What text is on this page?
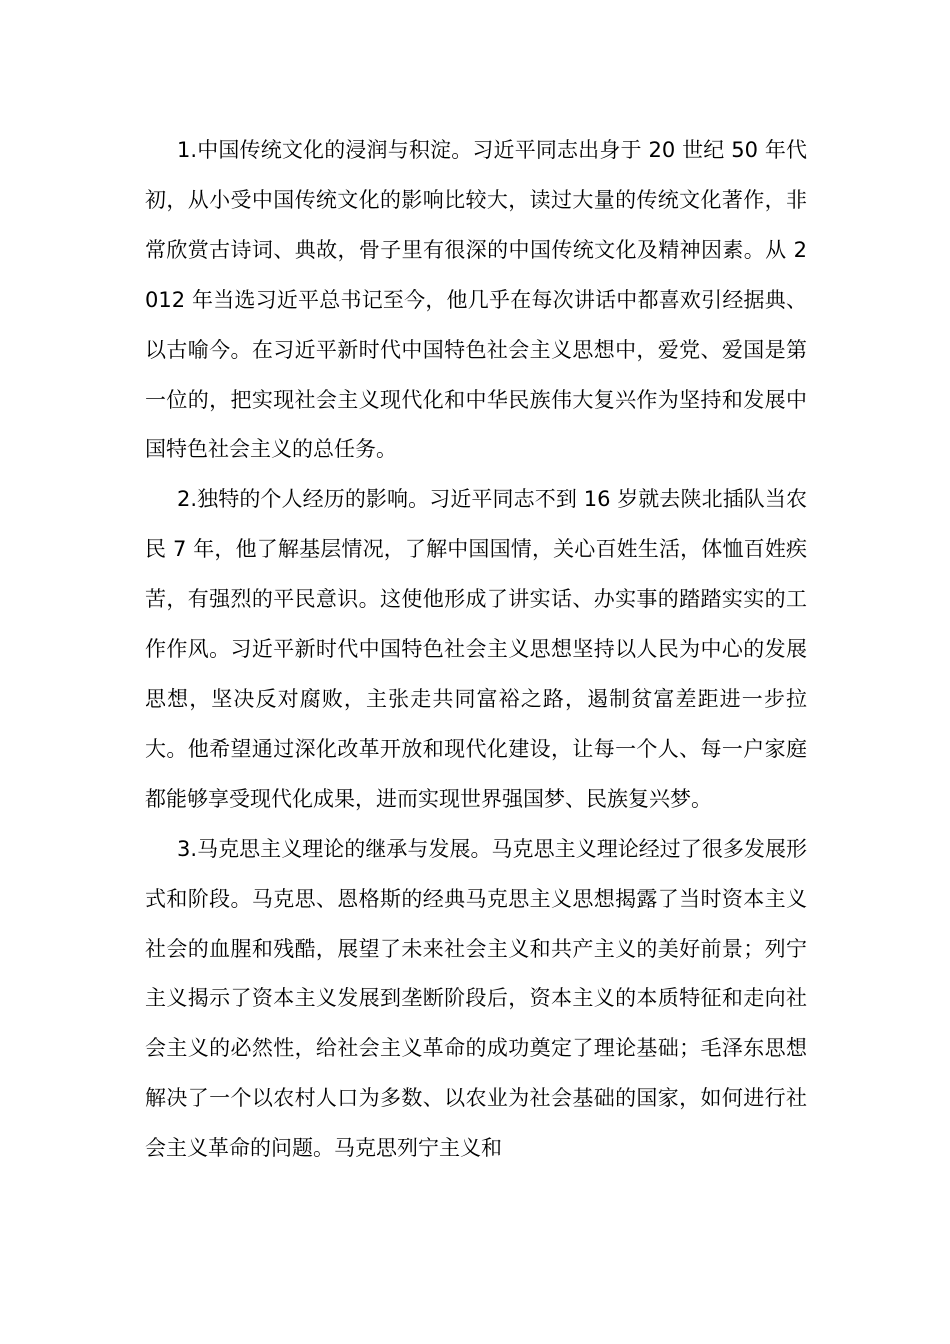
1.中国传统文化的浸润与积淀。习近平同志出身于 20 世纪 50 年代初，从小受中国传统文化的影响比较大，读过大量的传统文化著作，非常欣赏古诗词、典故，骨子里有很深的中国传统文化及精神因素。从 2012 年当选习近平总书记至今，他几乎在每次讲话中都喜欢引经据典、以古喻今。在习近平新时代中国特色社会主义思想中，爱党、爱国是第一位的，把实现社会主义现代化和中华民族伟大复兴作为坚持和发展中国特色社会主义的总任务。

2.独特的个人经历的影响。习近平同志不到 16 岁就去陕北插队当农民 7 年，他了解基层情况，了解中国国情，关心百姓生活，体恤百姓疾苦，有强烈的平民意识。这使他形成了讲实话、办实事的踏踏实实的工作作风。习近平新时代中国特色社会主义思想坚持以人民为中心的发展思想，坚决反对腐败，主张走共同富裕之路，遏制贫富差距进一步拉大。他希望通过深化改革开放和现代化建设，让每一个人、每一户家庭都能够享受现代化成果，进而实现世界强国梦、民族复兴梦。

3.马克思主义理论的继承与发展。马克思主义理论经过了很多发展形式和阶段。马克思、恩格斯的经典马克思主义思想揭露了当时资本主义社会的血腥和残酷，展望了未来社会主义和共产主义的美好前景；列宁主义揭示了资本主义发展到垄断阶段后，资本主义的本质特征和走向社会主义的必然性，给社会主义革命的成功奠定了理论基础；毛泽东思想解决了一个以农村人口为多数、以农业为社会基础的国家，如何进行社会主义革命的问题。马克思列宁主义和
